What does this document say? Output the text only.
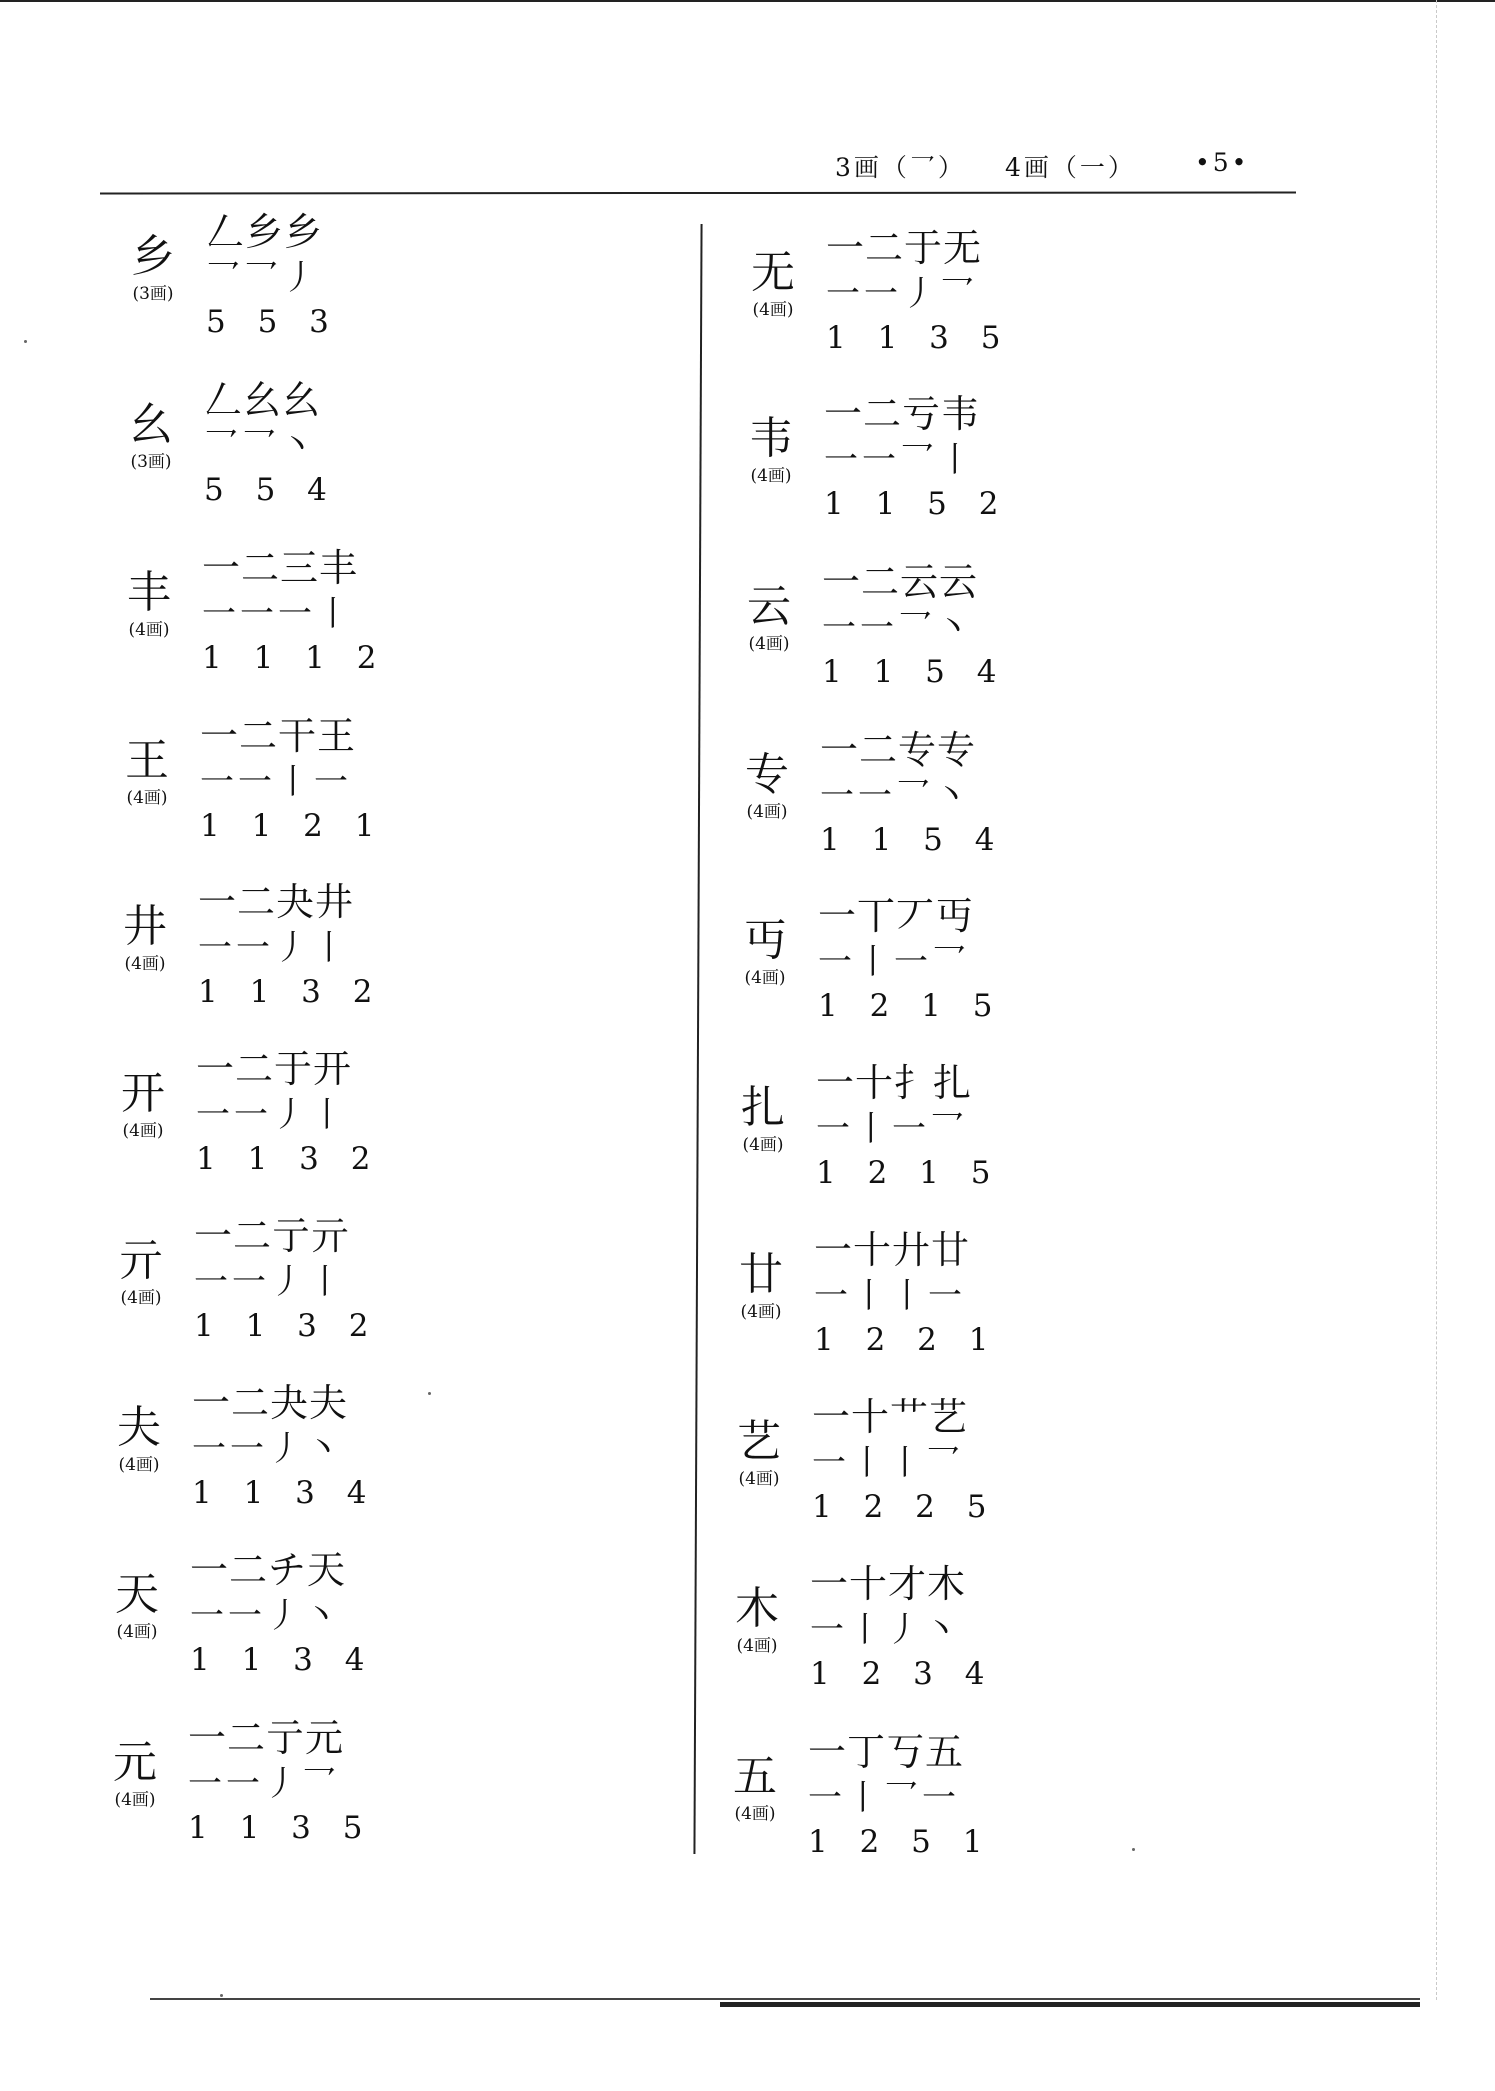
3画（乛） 4画（一） •5•
乡
(3画)
𠃋乡乡
乛乛丿
5 5 3
幺
(3画)
𠃋幺幺
乛乛丶
5 5 4
丰
(4画)
一二三丰
一一一丨
1 1 1 2
王
(4画)
一二干王
一一丨一
1 1 2 1
井
(4画)
一二夬井
一一丿丨
1 1 3 2
开
(4画)
一二于开
一一丿丨
1 1 3 2
亓
(4画)
一二亍亓
一一丿丨
1 1 3 2
夫
(4画)
一二夬夫
一一丿丶
1 1 3 4
天
(4画)
一二チ天
一一丿丶
1 1 3 4
元
(4画)
一二亍元
一一丿乛
1 1 3 5
无
(4画)
一二于无
一一丿乛
1 1 3 5
韦
(4画)
一二亏韦
一一乛丨
1 1 5 2
云
(4画)
一二云云
一一乛丶
1 1 5 4
专
(4画)
一二专专
一一乛丶
1 1 5 4
丏
(4画)
一丅丆丏
一丨一乛
1 2 1 5
扎
(4画)
一十扌扎
一丨一乛
1 2 1 5
廿
(4画)
一十廾廿
一丨丨一
1 2 2 1
艺
(4画)
一十艹艺
一丨丨乛
1 2 2 5
木
(4画)
一十才木
一丨丿丶
1 2 3 4
五
(4画)
一丁丂五
一丨乛一
1 2 5 1
